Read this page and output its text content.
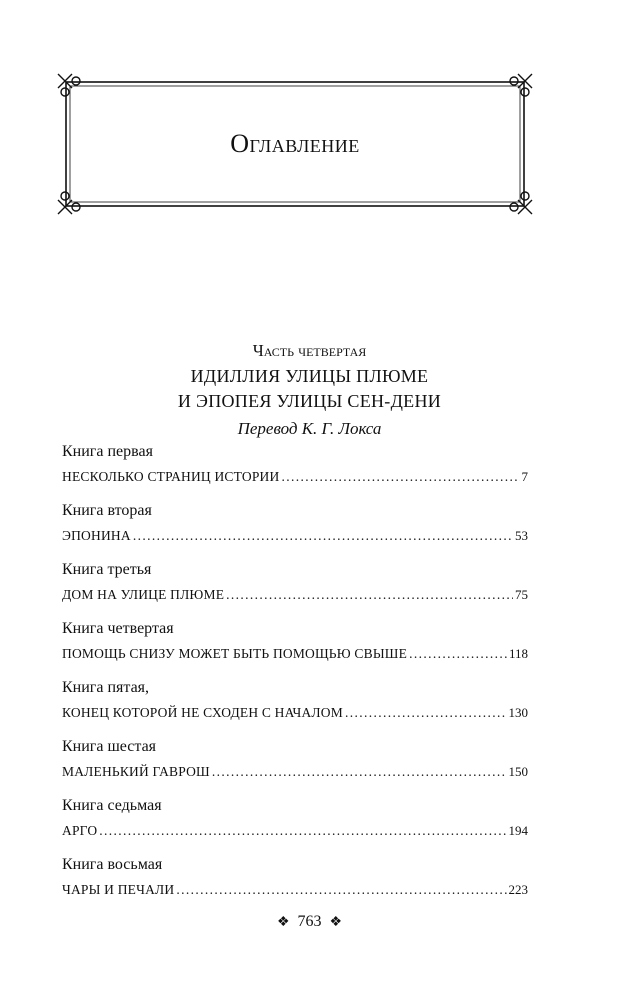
Оглавление
Часть четвертая
ИДИЛЛИЯ УЛИЦЫ ПЛЮМЕ
И ЭПОПЕЯ УЛИЦЫ СЕН-ДЕНИ
Перевод К. Г. Локса
Книга первая
НЕСКОЛЬКО СТРАНИЦ ИСТОРИИ . . .	7
Книга вторая
ЭПОНИНА . . .	53
Книга третья
ДОМ НА УЛИЦЕ ПЛЮМЕ . . .	75
Книга четвертая
ПОМОЩЬ СНИЗУ МОЖЕТ БЫТЬ ПОМОЩЬЮ СВЫШЕ . . .	118
Книга пятая,
КОНЕЦ КОТОРОЙ НЕ СХОДЕН С НАЧАЛОМ . . .	130
Книга шестая
МАЛЕНЬКИЙ ГАВРОШ . . .	150
Книга седьмая
АРГО . . .	194
Книга восьмая
ЧАРЫ И ПЕЧАЛИ . . .	223
❖ 763 ❖
